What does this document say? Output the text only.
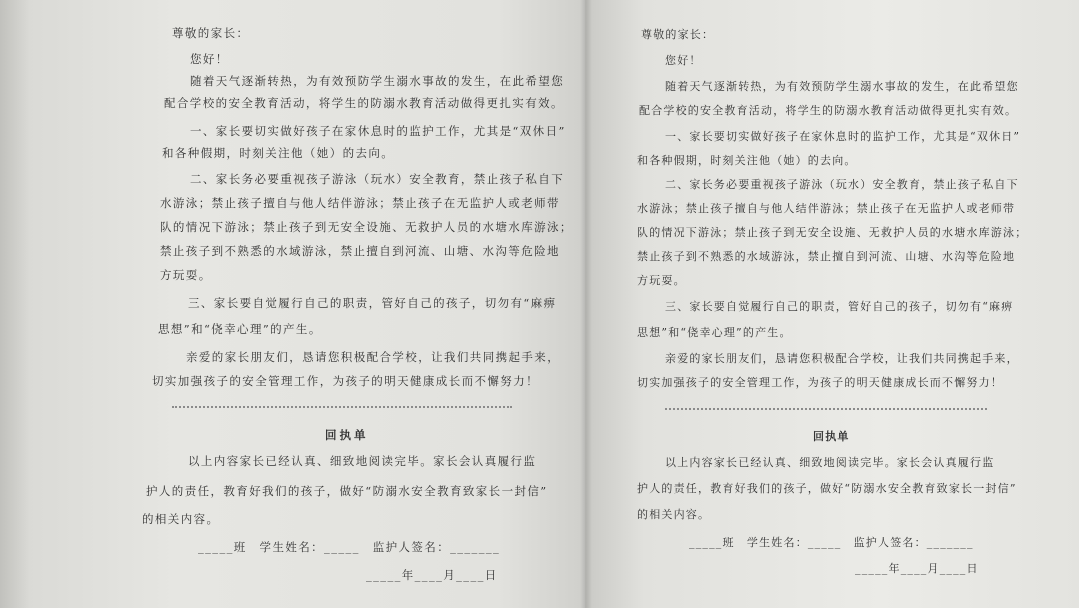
尊敬的家长：
您好！
随着天气逐渐转热，为有效预防学生溺水事故的发生，在此希望您
配合学校的安全教育活动，将学生的防溺水教育活动做得更扎实有效。
一、家长要切实做好孩子在家休息时的监护工作，尤其是“双休日”
和各种假期，时刻关注他（她）的去向。
二、家长务必要重视孩子游泳（玩水）安全教育，禁止孩子私自下
水游泳；禁止孩子擅自与他人结伴游泳；禁止孩子在无监护人或老师带
队的情况下游泳；禁止孩子到无安全设施、无救护人员的水塘水库游泳；
禁止孩子到不熟悉的水域游泳，禁止擅自到河流、山塘、水沟等危险地
方玩耍。
三、家长要自觉履行自己的职责，管好自己的孩子，切勿有“麻痹
思想”和“侥幸心理”的产生。
亲爱的家长朋友们，恳请您积极配合学校，让我们共同携起手来，
切实加强孩子的安全管理工作，为孩子的明天健康成长而不懈努力！
回执单
以上内容家长已经认真、细致地阅读完毕。家长会认真履行监
护人的责任，教育好我们的孩子，做好“防溺水安全教育致家长一封信”
的相关内容。
_____班　学生姓名：_____　监护人签名：_______
_____年____月____日
尊敬的家长：
您好！
随着天气逐渐转热，为有效预防学生溺水事故的发生，在此希望您
配合学校的安全教育活动，将学生的防溺水教育活动做得更扎实有效。
一、家长要切实做好孩子在家休息时的监护工作，尤其是“双休日”
和各种假期，时刻关注他（她）的去向。
二、家长务必要重视孩子游泳（玩水）安全教育，禁止孩子私自下
水游泳；禁止孩子擅自与他人结伴游泳；禁止孩子在无监护人或老师带
队的情况下游泳；禁止孩子到无安全设施、无救护人员的水塘水库游泳；
禁止孩子到不熟悉的水域游泳，禁止擅自到河流、山塘、水沟等危险地
方玩耍。
三、家长要自觉履行自己的职责，管好自己的孩子，切勿有“麻痹
思想”和“侥幸心理”的产生。
亲爱的家长朋友们，恳请您积极配合学校，让我们共同携起手来，
切实加强孩子的安全管理工作，为孩子的明天健康成长而不懈努力！
回执单
以上内容家长已经认真、细致地阅读完毕。家长会认真履行监
护人的责任，教育好我们的孩子，做好“防溺水安全教育致家长一封信”
的相关内容。
_____班　学生姓名：_____　监护人签名：_______
_____年____月____日
